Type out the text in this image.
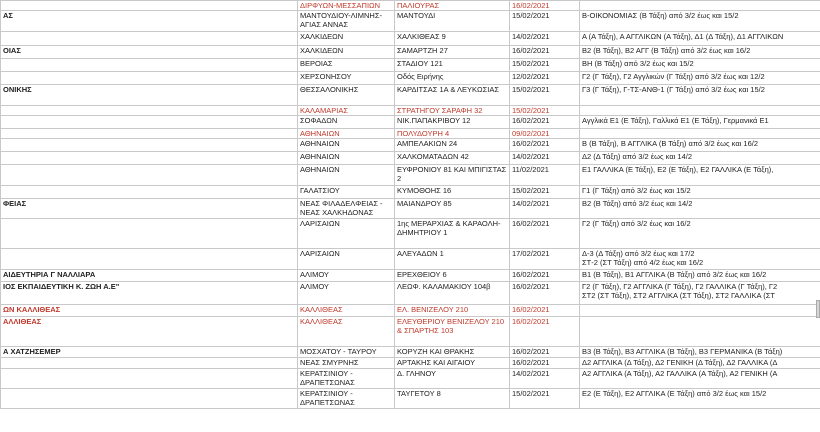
	ΔΙΡΦΥΩΝ-ΜΕΣΣΑΠΙΩΝ	ΠΑΛΙΟΥΡΑΣ	16/02/2021	
ΑΣ	ΜΑΝΤΟΥΔΙΟΥ-ΛΙΜΝΗΣ-ΑΓΙΑΣ ΑΝΝΑΣ	ΜΑΝΤΟΥΔΙ	15/02/2021	Β-ΟΙΚΟΝΟΜΙΑΣ (Β Τάξη) από 3/2 έως και 15/2
	ΧΑΛΚΙΔΕΩΝ	ΧΑΛΚΙΘΕΑΣ 9	14/02/2021	Α (Α Τάξη), Α ΑΓΓΛΙΚΩΝ (Α Τάξη), Δ1 (Δ Τάξη), Δ1 ΑΓΓΛΙΚΩΝ
ΟΙΑΣ	ΧΑΛΚΙΔΕΩΝ	ΣΑΜΑΡΤΖΗ 27	16/02/2021	Β2 (Β Τάξη), Β2 ΑΓΓ (Β Τάξη) από 3/2 έως και 16/2
	ΒΕΡΟΙΑΣ	ΣΤΑΔΙΟΥ 121	15/02/2021	ΒΗ (Β Τάξη) από 3/2 έως και 15/2
	ΧΕΡΣΟΝΗΣΟΥ	Οδός Ειρήνης	12/02/2021	Γ2 (Γ Τάξη), Γ2 Αγγλικών (Γ Τάξη) από 3/2 έως και 12/2
ΟΝΙΚΗΣ	ΘΕΣΣΑΛΟΝΙΚΗΣ	ΚΑΡΔΙΤΣΑΣ 1Α & ΛΕΥΚΩΣΙΑΣ	15/02/2021	Γ3 (Γ Τάξη), Γ-ΤΣ-ΑΝΘ-1 (Γ Τάξη) από 3/2 έως και 15/2
	ΚΑΛΑΜΑΡΙΑΣ	ΣΤΡΑΤΗΓΟΥ ΣΑΡΑΦΗ 32	15/02/2021	
	ΣΟΦΑΔΩΝ	ΝΙΚ.ΠΑΠΑΚΡΙΒΟΥ 12	16/02/2021	Αγγλικά Ε1 (Ε Τάξη), Γαλλικά Ε1 (Ε Τάξη), Γερμανικά Ε1
	ΑΘΗΝΑΙΩΝ	ΠΟΛΥΔΟΥΡΗ 4	09/02/2021	
	ΑΘΗΝΑΙΩΝ	ΑΜΠΕΛΑΚΙΩΝ 24	16/02/2021	Β (Β Τάξη), Β ΑΓΓΛΙΚΑ (Β Τάξη) από 3/2 έως και 16/2
	ΑΘΗΝΑΙΩΝ	ΧΑΛΚΟΜΑΤΑΔΩΝ 42	14/02/2021	Δ2 (Δ Τάξη) από 3/2 έως και 14/2
	ΑΘΗΝΑΙΩΝ	ΕΥΦΡΟΝΙΟΥ 81 ΚΑΙ ΜΠΙΓΙΣΤΑΣ 2	11/02/2021	Ε1 ΓΑΛΛΙΚΑ (Ε Τάξη), Ε2 (Ε Τάξη), Ε2 ΓΑΛΛΙΚΑ (Ε Τάξη),
	ΓΑΛΑΤΣΙΟΥ	ΚΥΜΟΘΟΗΣ 16	15/02/2021	Γ1 (Γ Τάξη) από 3/2 έως και 15/2
ΦΕΙΑΣ	ΝΕΑΣ ΦΙΛΑΔΕΛΦΕΙΑΣ - ΝΕΑΣ ΧΑΛΚΗΔΟΝΑΣ	ΜΑΙΑΝΔΡΟΥ 85	14/02/2021	Β2 (Β Τάξη) από 3/2 έως και 14/2
	ΛΑΡΙΣΑΙΩΝ	1ης ΜΕΡΑΡΧΙΑΣ & ΚΑΡΑΟΛΗ-ΔΗΜΗΤΡΙΟΥ 1	16/02/2021	Γ2 (Γ Τάξη) από 3/2 έως και 16/2
	ΛΑΡΙΣΑΙΩΝ	ΑΛΕΥΑΔΩΝ 1	17/02/2021	Δ-3 (Δ Τάξη) από 3/2 έως και 17/2
ΣΤ-2 (ΣΤ Τάξη) από 4/2 έως και 16/2
ΑΙΔΕΥΤΗΡΙΑ Γ ΝΑΛΛΙΑΡΑ	ΑΛΙΜΟΥ	ΕΡΕΧΘΕΙΟΥ 6	16/02/2021	Β1 (Β Τάξη), Β1 ΑΓΓΛΙΚΑ (Β Τάξη) από 3/2 έως και 16/2
ΙΟΣ ΕΚΠΑΙΔΕΥΤΙΚΗ Κ. ΖΩΗ Α.Ε"	ΑΛΙΜΟΥ	ΛΕΩΦ. ΚΑΛΑΜΑΚΙΟΥ 104β	16/02/2021	Γ2 (Γ Τάξη), Γ2 ΑΓΓΛΙΚΑ (Γ Τάξη), Γ2 ΓΑΛΛΙΚΑ (Γ Τάξη), Γ2
ΣΤ2 (ΣΤ Τάξη), ΣΤ2 ΑΓΓΛΙΚΑ (ΣΤ Τάξη), ΣΤ2 ΓΑΛΛΙΚΑ (ΣΤ
ΩΝ ΚΑΛΛΙΘΕΑΣ	ΚΑΛΛΙΘΕΑΣ	ΕΛ. ΒΕΝΙΖΕΛΟΥ 210	16/02/2021	
ΑΛΛΙΘΕΑΣ	ΚΑΛΛΙΘΕΑΣ	ΕΛΕΥΘΕΡΙΟΥ ΒΕΝΙΖΕΛΟΥ 210 & ΣΠΑΡΤΗΣ 103	16/02/2021	
Α ΧΑΤΖΗΣΕΜΕΡ	ΜΟΣΧΑΤΟΥ - ΤΑΥΡΟΥ	ΚΟΡΥΖΗ ΚΑΙ ΘΡΑΚΗΣ	16/02/2021	Β3 (Β Τάξη), Β3 ΑΓΓΛΙΚΑ (Β Τάξη), Β3 ΓΕΡΜΑΝΙΚΑ (Β Τάξη)
	ΝΕΑΣ ΣΜΥΡΝΗΣ	ΑΡΤΑΚΗΣ ΚΑΙ ΑΙΓΑΙΟΥ	16/02/2021	Δ2 ΑΓΓΛΙΚΑ (Δ Τάξη), Δ2 ΓΕΝΙΚΗ (Δ Τάξη), Δ2 ΓΑΛΛΙΚΑ (Δ
	ΚΕΡΑΤΣΙΝΙΟΥ - ΔΡΑΠΕΤΣΩΝΑΣ	Δ. ΓΛΗΝΟΥ	14/02/2021	Α2 ΑΓΓΛΙΚΑ (Α Τάξη), Α2 ΓΑΛΛΙΚΑ (Α Τάξη), Α2 ΓΕΝΙΚΗ (Α
	ΚΕΡΑΤΣΙΝΙΟΥ - ΔΡΑΠΕΤΣΩΝΑΣ	ΤΑΥΓΕΤΟΥ 8	15/02/2021	Ε2 (Ε Τάξη), Ε2 ΑΓΓΛΙΚΑ (Ε Τάξη) από 3/2 έως και 15/2
